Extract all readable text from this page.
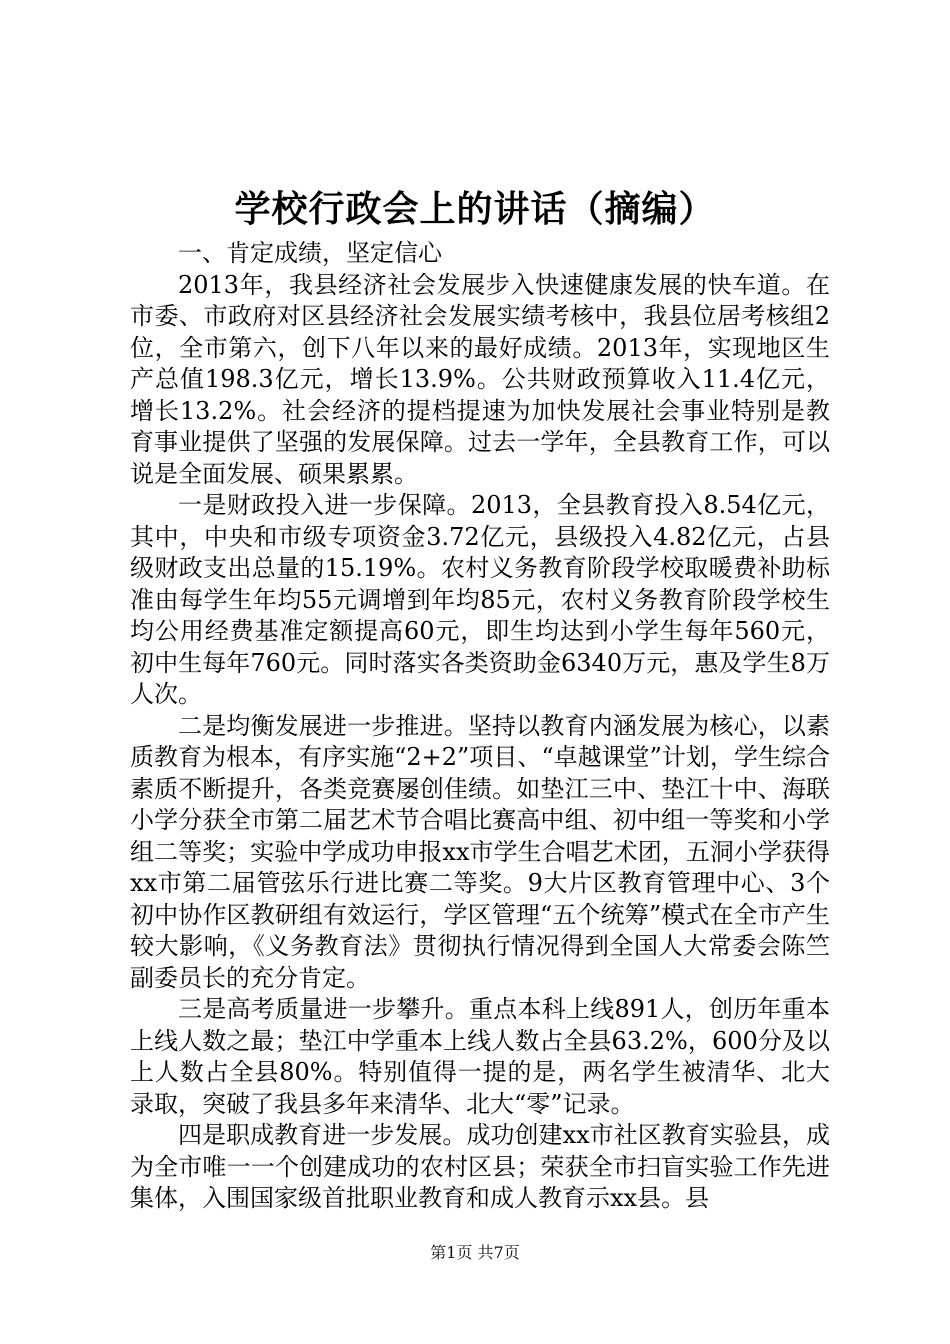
学校行政会上的讲话（摘编）

一、肯定成绩，坚定信心

2013年，我县经济社会发展步入快速健康发展的快车道。在市委、市政府对区县经济社会发展实绩考核中，我县位居考核组2位，全市第六，创下八年以来的最好成绩。2013年，实现地区生产总值198.3亿元，增长13.9%。公共财政预算收入11.4亿元，增长13.2%。社会经济的提档提速为加快发展社会事业特别是教育事业提供了坚强的发展保障。过去一学年，全县教育工作，可以说是全面发展、硕果累累。

一是财政投入进一步保障。2013，全县教育投入8.54亿元，其中，中央和市级专项资金3.72亿元，县级投入4.82亿元，占县级财政支出总量的15.19%。农村义务教育阶段学校取暖费补助标准由每学生年均55元调增到年均85元，农村义务教育阶段学校生均公用经费基准定额提高60元，即生均达到小学生每年560元，初中生每年760元。同时落实各类资助金6340万元，惠及学生8万人次。

二是均衡发展进一步推进。坚持以教育内涵发展为核心，以素质教育为根本，有序实施“2+2”项目、“卓越课堂”计划，学生综合素质不断提升，各类竞赛屡创佳绩。如垫江三中、垫江十中、海联小学分获全市第二届艺术节合唱比赛高中组、初中组一等奖和小学组二等奖；实验中学成功申报xx市学生合唱艺术团，五洞小学获得xx市第二届管弦乐行进比赛二等奖。9大片区教育管理中心、3个初中协作区教研组有效运行，学区管理“五个统筹”模式在全市产生较大影响，《义务教育法》贯彻执行情况得到全国人大常委会陈竺副委员长的充分肯定。

三是高考质量进一步攀升。重点本科上线891人，创历年重本上线人数之最；垫江中学重本上线人数占全县63.2%，600分及以上人数占全县80%。特别值得一提的是，两名学生被清华、北大录取，突破了我县多年来清华、北大“零”记录。

四是职成教育进一步发展。成功创建xx市社区教育实验县，成为全市唯一一个创建成功的农村区县；荣获全市扫盲实验工作先进集体，入围国家级首批职业教育和成人教育示xx县。县

第1页 共7页
